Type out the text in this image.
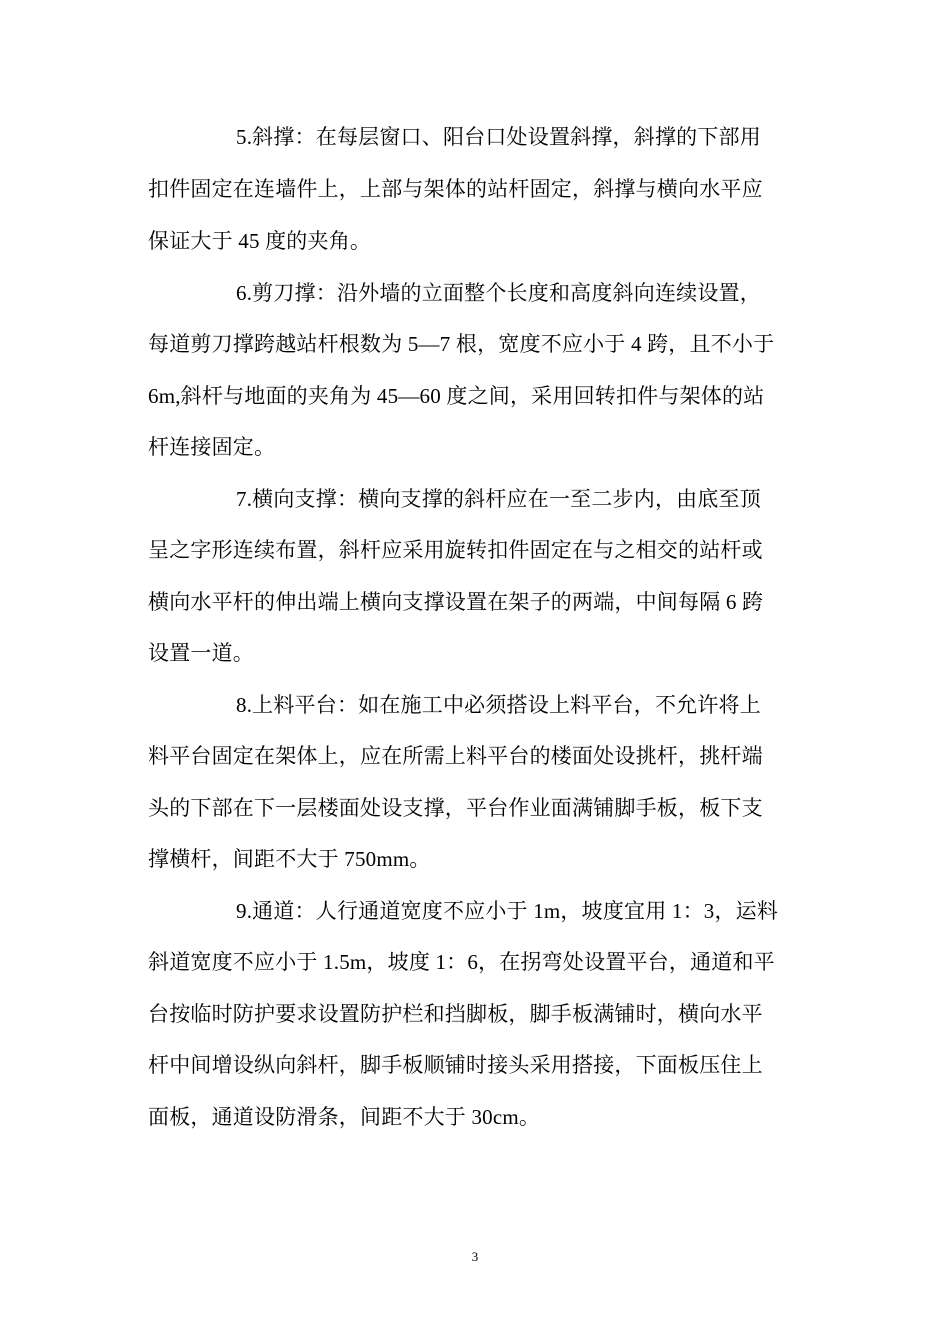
5.斜撑：在每层窗口、阳台口处设置斜撑，斜撑的下部用
扣件固定在连墙件上，上部与架体的站杆固定，斜撑与横向水平应
保证大于 45 度的夹角。
6.剪刀撑：沿外墙的立面整个长度和高度斜向连续设置，
每道剪刀撑跨越站杆根数为 5—7 根，宽度不应小于 4 跨，且不小于
6m,斜杆与地面的夹角为 45—60 度之间，采用回转扣件与架体的站
杆连接固定。
7.横向支撑：横向支撑的斜杆应在一至二步内，由底至顶
呈之字形连续布置，斜杆应采用旋转扣件固定在与之相交的站杆或
横向水平杆的伸出端上横向支撑设置在架子的两端，中间每隔 6 跨
设置一道。
8.上料平台：如在施工中必须搭设上料平台，不允许将上
料平台固定在架体上，应在所需上料平台的楼面处设挑杆，挑杆端
头的下部在下一层楼面处设支撑，平台作业面满铺脚手板，板下支
撑横杆，间距不大于 750mm。
9.通道：人行通道宽度不应小于 1m，坡度宜用 1：3，运料
斜道宽度不应小于 1.5m，坡度 1：6，在拐弯处设置平台，通道和平
台按临时防护要求设置防护栏和挡脚板，脚手板满铺时，横向水平
杆中间增设纵向斜杆，脚手板顺铺时接头采用搭接，下面板压住上
面板，通道设防滑条，间距不大于 30cm。
3
